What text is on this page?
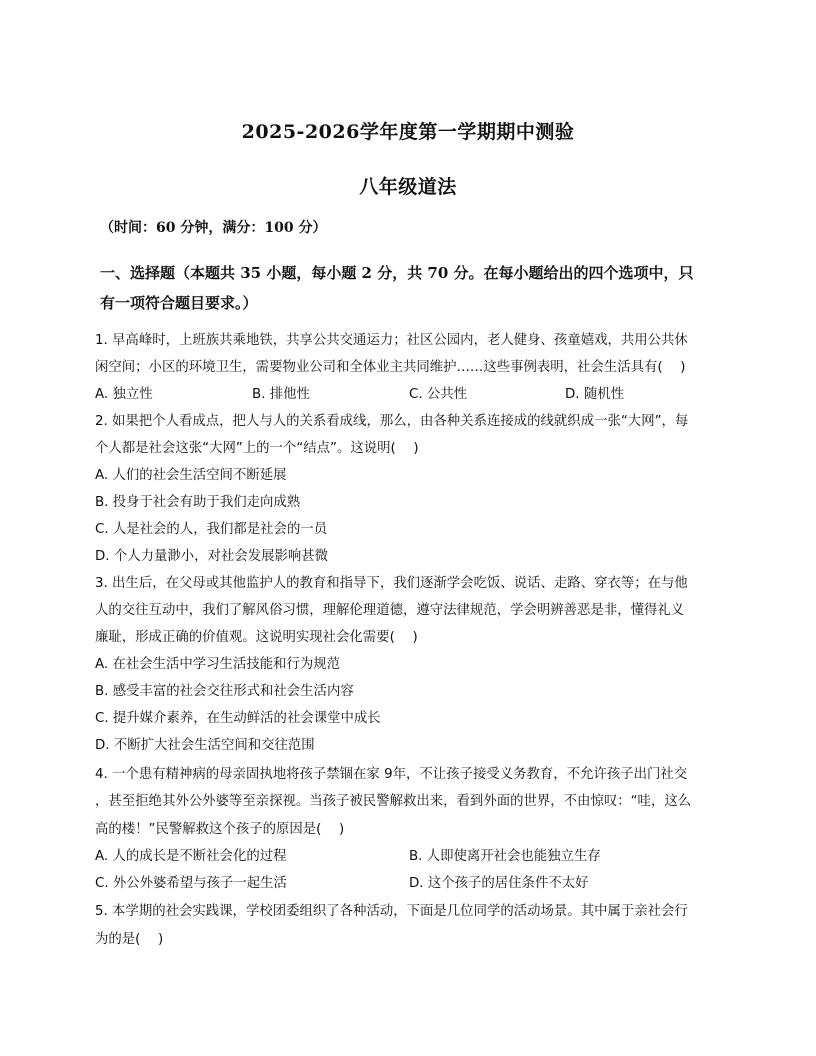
2025-2026学年度第一学期期中测验
八年级道法
（时间：60 分钟，满分：100 分）
一、选择题（本题共 35 小题，每小题 2 分，共 70 分。在每小题给出的四个选项中，只
有一项符合题目要求。）
1. 早高峰时，上班族共乘地铁，共享公共交通运力；社区公园内，老人健身、孩童嬉戏，共用公共休
闲空间；小区的环境卫生，需要物业公司和全体业主共同维护……这些事例表明，社会生活具有(　 )
A. 独立性	B. 排他性	C. 公共性	D. 随机性
2. 如果把个人看成点，把人与人的关系看成线，那么，由各种关系连接成的线就织成一张“大网”，每
个人都是社会这张“大网”上的一个“结点”。这说明(　 )
A. 人们的社会生活空间不断延展
B. 投身于社会有助于我们走向成熟
C. 人是社会的人，我们都是社会的一员
D. 个人力量渺小，对社会发展影响甚微
3. 出生后，在父母或其他监护人的教育和指导下，我们逐渐学会吃饭、说话、走路、穿衣等；在与他
人的交往互动中，我们了解风俗习惯，理解伦理道德，遵守法律规范，学会明辨善恶是非，懂得礼义
廉耻，形成正确的价值观。这说明实现社会化需要(　 )
A. 在社会生活中学习生活技能和行为规范
B. 感受丰富的社会交往形式和社会生活内容
C. 提升媒介素养，在生动鲜活的社会课堂中成长
D. 不断扩大社会生活空间和交往范围
4. 一个患有精神病的母亲固执地将孩子禁锢在家 9年，不让孩子接受义务教育，不允许孩子出门社交
，甚至拒绝其外公外婆等至亲探视。当孩子被民警解救出来，看到外面的世界，不由惊叹：“哇，这么
高的楼！”民警解救这个孩子的原因是(　 )
A. 人的成长是不断社会化的过程	B. 人即使离开社会也能独立生存
C. 外公外婆希望与孩子一起生活	D. 这个孩子的居住条件不太好
5. 本学期的社会实践课，学校团委组织了各种活动，下面是几位同学的活动场景。其中属于亲社会行
为的是(　 )
